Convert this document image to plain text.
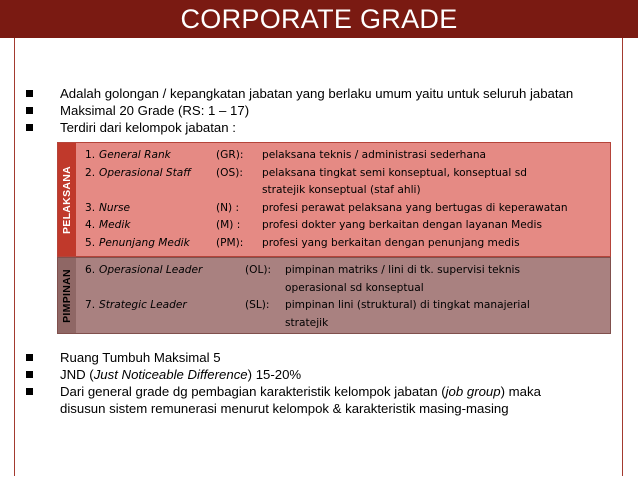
CORPORATE GRADE
Adalah golongan / kepangkatan jabatan yang berlaku umum yaitu untuk seluruh jabatan
Maksimal 20 Grade (RS: 1 – 17)
Terdiri dari kelompok jabatan :
PELAKSANA
1. General Rank	(GR): pelaksana teknis / administrasi sederhana
2. Operasional Staff (OS): pelaksana tingkat semi konseptual, konseptual sd
stratejik konseptual (staf ahli)
3. Nurse	(N) : profesi perawat pelaksana yang bertugas di keperawatan
4. Medik	(M) : profesi dokter yang berkaitan dengan layanan Medis
5. Penunjang Medik (PM): profesi yang berkaitan dengan penunjang medis
PIMPINAN 6. Operasional Leader	(OL): pimpinan matriks / lini di tk. supervisi teknis
operasional sd konseptual
7. Strategic Leader	(SL): pimpinan lini (struktural) di tingkat manajerial
stratejik
Ruang Tumbuh Maksimal 5
JND (Just Noticeable Difference) 15-20%
Dari general grade dg pembagian karakteristik kelompok jabatan (job group) maka
disusun sistem remunerasi menurut kelompok & karakteristik masing-masing
